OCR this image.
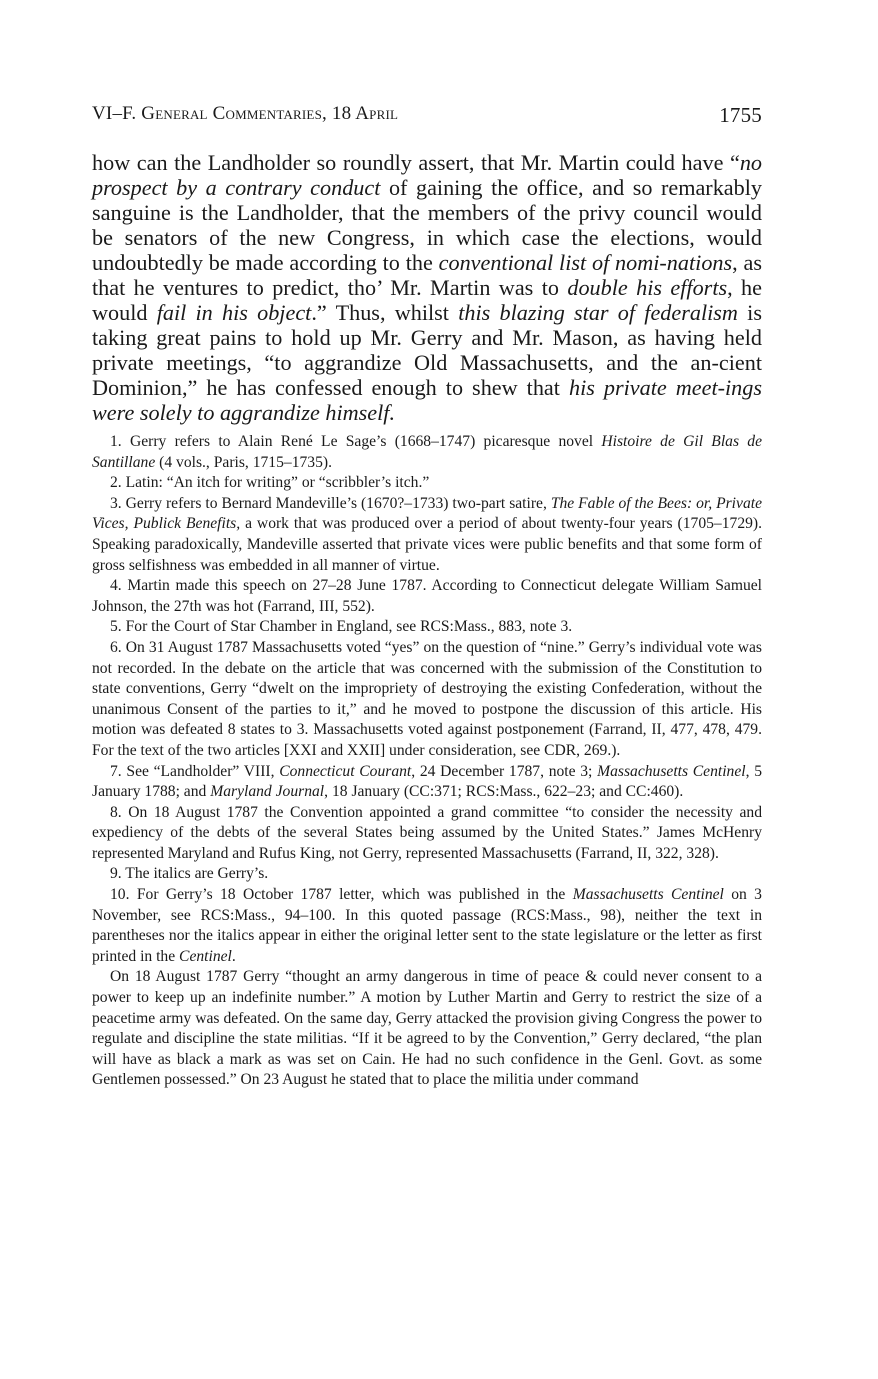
VI–F. General Commentaries, 18 April	1755

how can the Landholder so roundly assert, that Mr. Martin could have “no prospect by a contrary conduct of gaining the office, and so remarkably sanguine is the Landholder, that the members of the privy council would be senators of the new Congress, in which case the elections, would undoubtedly be made according to the conventional list of nomi-nations, as that he ventures to predict, tho’ Mr. Martin was to double his efforts, he would fail in his object.” Thus, whilst this blazing star of federalism is taking great pains to hold up Mr. Gerry and Mr. Mason, as having held private meetings, “to aggrandize Old Massachusetts, and the an-cient Dominion,” he has confessed enough to shew that his private meet-ings were solely to aggrandize himself.

1. Gerry refers to Alain René Le Sage’s (1668–1747) picaresque novel Histoire de Gil Blas de Santillane (4 vols., Paris, 1715–1735).

2. Latin: “An itch for writing” or “scribbler’s itch.”

3. Gerry refers to Bernard Mandeville’s (1670?–1733) two-part satire, The Fable of the Bees: or, Private Vices, Publick Benefits, a work that was produced over a period of about twenty-four years (1705–1729). Speaking paradoxically, Mandeville asserted that private vices were public benefits and that some form of gross selfishness was embedded in all manner of virtue.

4. Martin made this speech on 27–28 June 1787. According to Connecticut delegate William Samuel Johnson, the 27th was hot (Farrand, III, 552).

5. For the Court of Star Chamber in England, see RCS:Mass., 883, note 3.

6. On 31 August 1787 Massachusetts voted “yes” on the question of “nine.” Gerry’s individual vote was not recorded. In the debate on the article that was concerned with the submission of the Constitution to state conventions, Gerry “dwelt on the impropriety of destroying the existing Confederation, without the unanimous Consent of the parties to it,” and he moved to postpone the discussion of this article. His motion was defeated 8 states to 3. Massachusetts voted against postponement (Farrand, II, 477, 478, 479. For the text of the two articles [XXI and XXII] under consideration, see CDR, 269.).

7. See “Landholder” VIII, Connecticut Courant, 24 December 1787, note 3; Massachusetts Centinel, 5 January 1788; and Maryland Journal, 18 January (CC:371; RCS:Mass., 622–23; and CC:460).

8. On 18 August 1787 the Convention appointed a grand committee “to consider the necessity and expediency of the debts of the several States being assumed by the United States.” James McHenry represented Maryland and Rufus King, not Gerry, represented Massachusetts (Farrand, II, 322, 328).

9. The italics are Gerry’s.

10. For Gerry’s 18 October 1787 letter, which was published in the Massachusetts Centinel on 3 November, see RCS:Mass., 94–100. In this quoted passage (RCS:Mass., 98), neither the text in parentheses nor the italics appear in either the original letter sent to the state legislature or the letter as first printed in the Centinel.

On 18 August 1787 Gerry “thought an army dangerous in time of peace & could never consent to a power to keep up an indefinite number.” A motion by Luther Martin and Gerry to restrict the size of a peacetime army was defeated. On the same day, Gerry attacked the provision giving Congress the power to regulate and discipline the state militias. “If it be agreed to by the Convention,” Gerry declared, “the plan will have as black a mark as was set on Cain. He had no such confidence in the Genl. Govt. as some Gentlemen possessed.” On 23 August he stated that to place the militia under command
